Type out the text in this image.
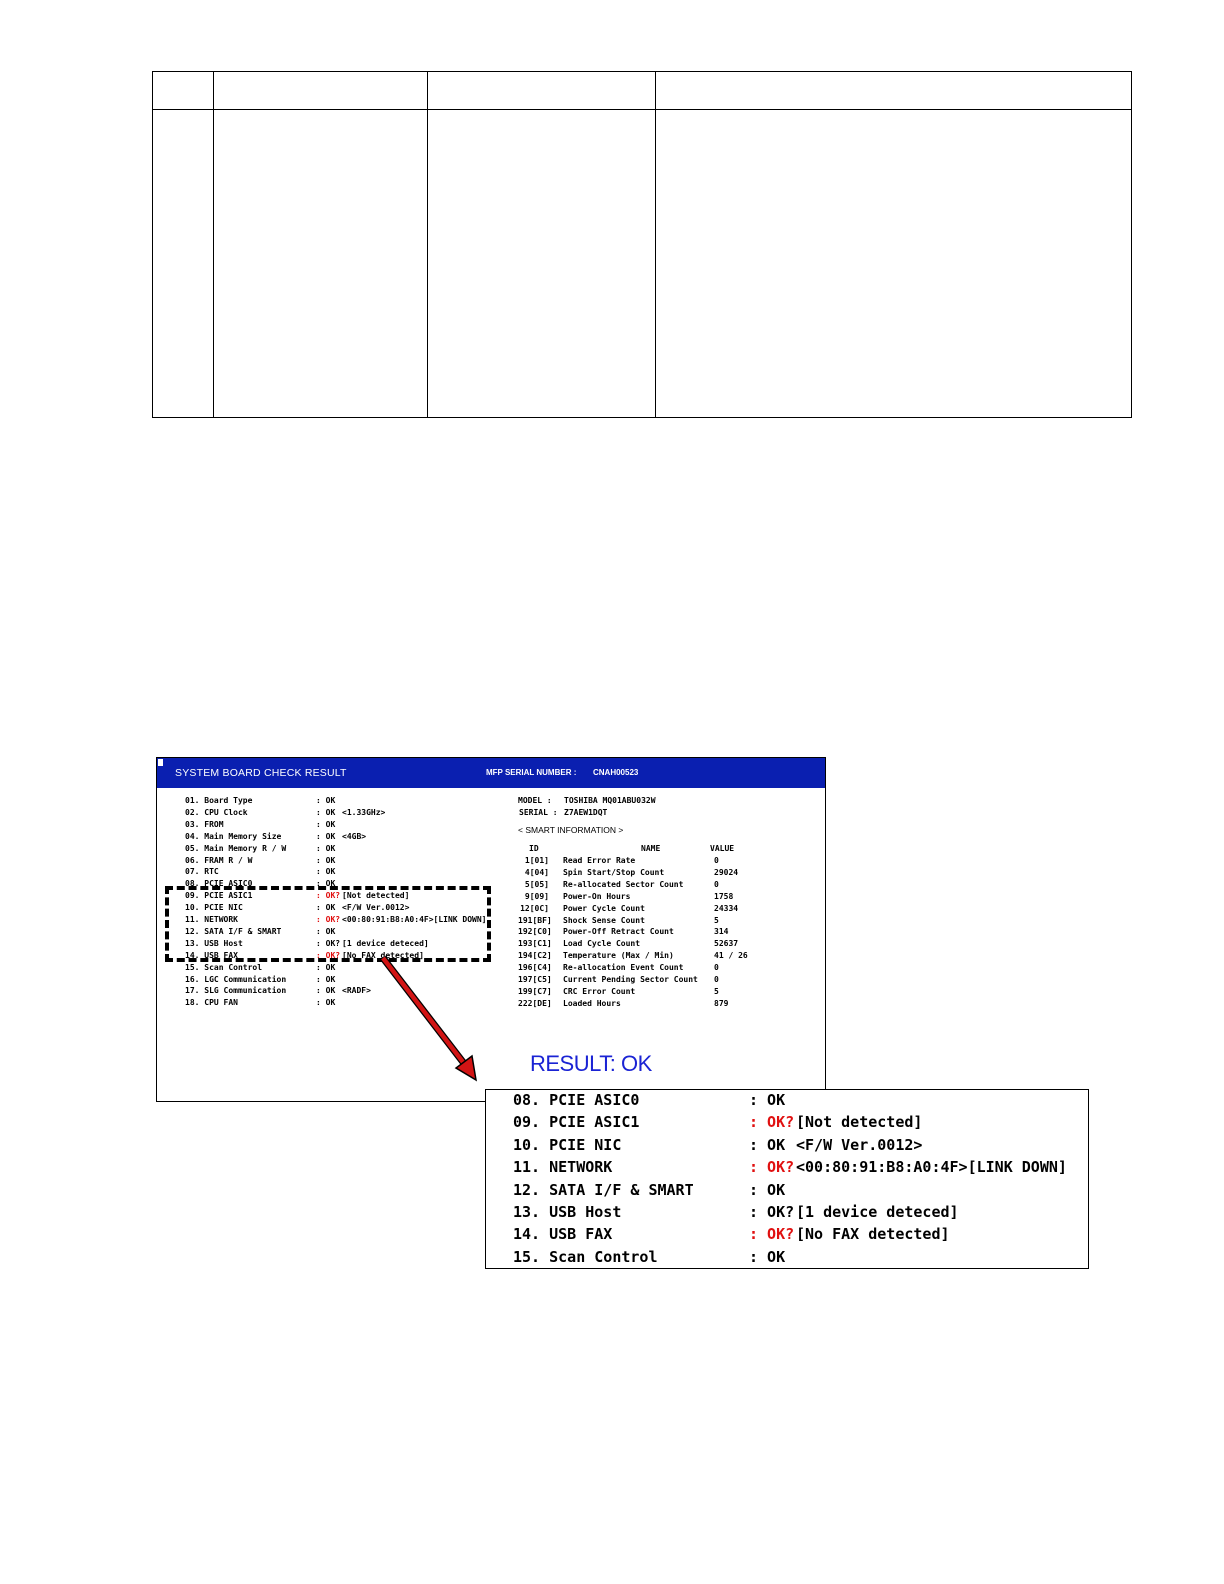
SYSTEM BOARD CHECK RESULT	MFP SERIAL NUMBER : CNAH00523
01. Board Type	: OK
02. CPU Clock	: OK <1.33GHz>
03. FROM	: OK
04. Main Memory Size	: OK <4GB>
05. Main Memory R / W	: OK
06. FRAM R / W	: OK
07. RTC	: OK
08. PCIE ASIC0	: OK
09. PCIE ASIC1	: OK? [Not detected]
10. PCIE NIC	: OK <F/W Ver.0012>
11. NETWORK	: OK? <00:80:91:B8:A0:4F>[LINK DOWN]
12. SATA I/F & SMART	: OK
13. USB Host	: OK? [1 device deteced]
14. USB FAX	: OK? [No FAX detected]
15. Scan Control	: OK
16. LGC Communication	: OK
17. SLG Communication	: OK <RADF>
18. CPU FAN	: OK
MODEL : TOSHIBA MQ01ABU032W
SERIAL : Z7AEW1DQT
< SMART INFORMATION >
ID	NAME	VALUE
1[01] Read Error Rate	0
4[04] Spin Start/Stop Count	29024
5[05] Re-allocated Sector Count	0
9[09] Power-On Hours	1758
12[0C] Power Cycle Count	24334
191[BF] Shock Sense Count	5
192[C0] Power-Off Retract Count	314
193[C1] Load Cycle Count	52637
194[C2] Temperature (Max / Min)	41 / 26
196[C4] Re-allocation Event Count	0
197[C5] Current Pending Sector Count 0
199[C7] CRC Error Count	5
222[DE] Loaded Hours	879
RESULT: OK
08. PCIE ASIC0	: OK
09. PCIE ASIC1	: OK? [Not detected]
10. PCIE NIC	: OK <F/W Ver.0012>
11. NETWORK	: OK? <00:80:91:B8:A0:4F>[LINK DOWN]
12. SATA I/F & SMART	: OK
13. USB Host	: OK? [1 device deteced]
14. USB FAX	: OK? [No FAX detected]
15. Scan Control	: OK
